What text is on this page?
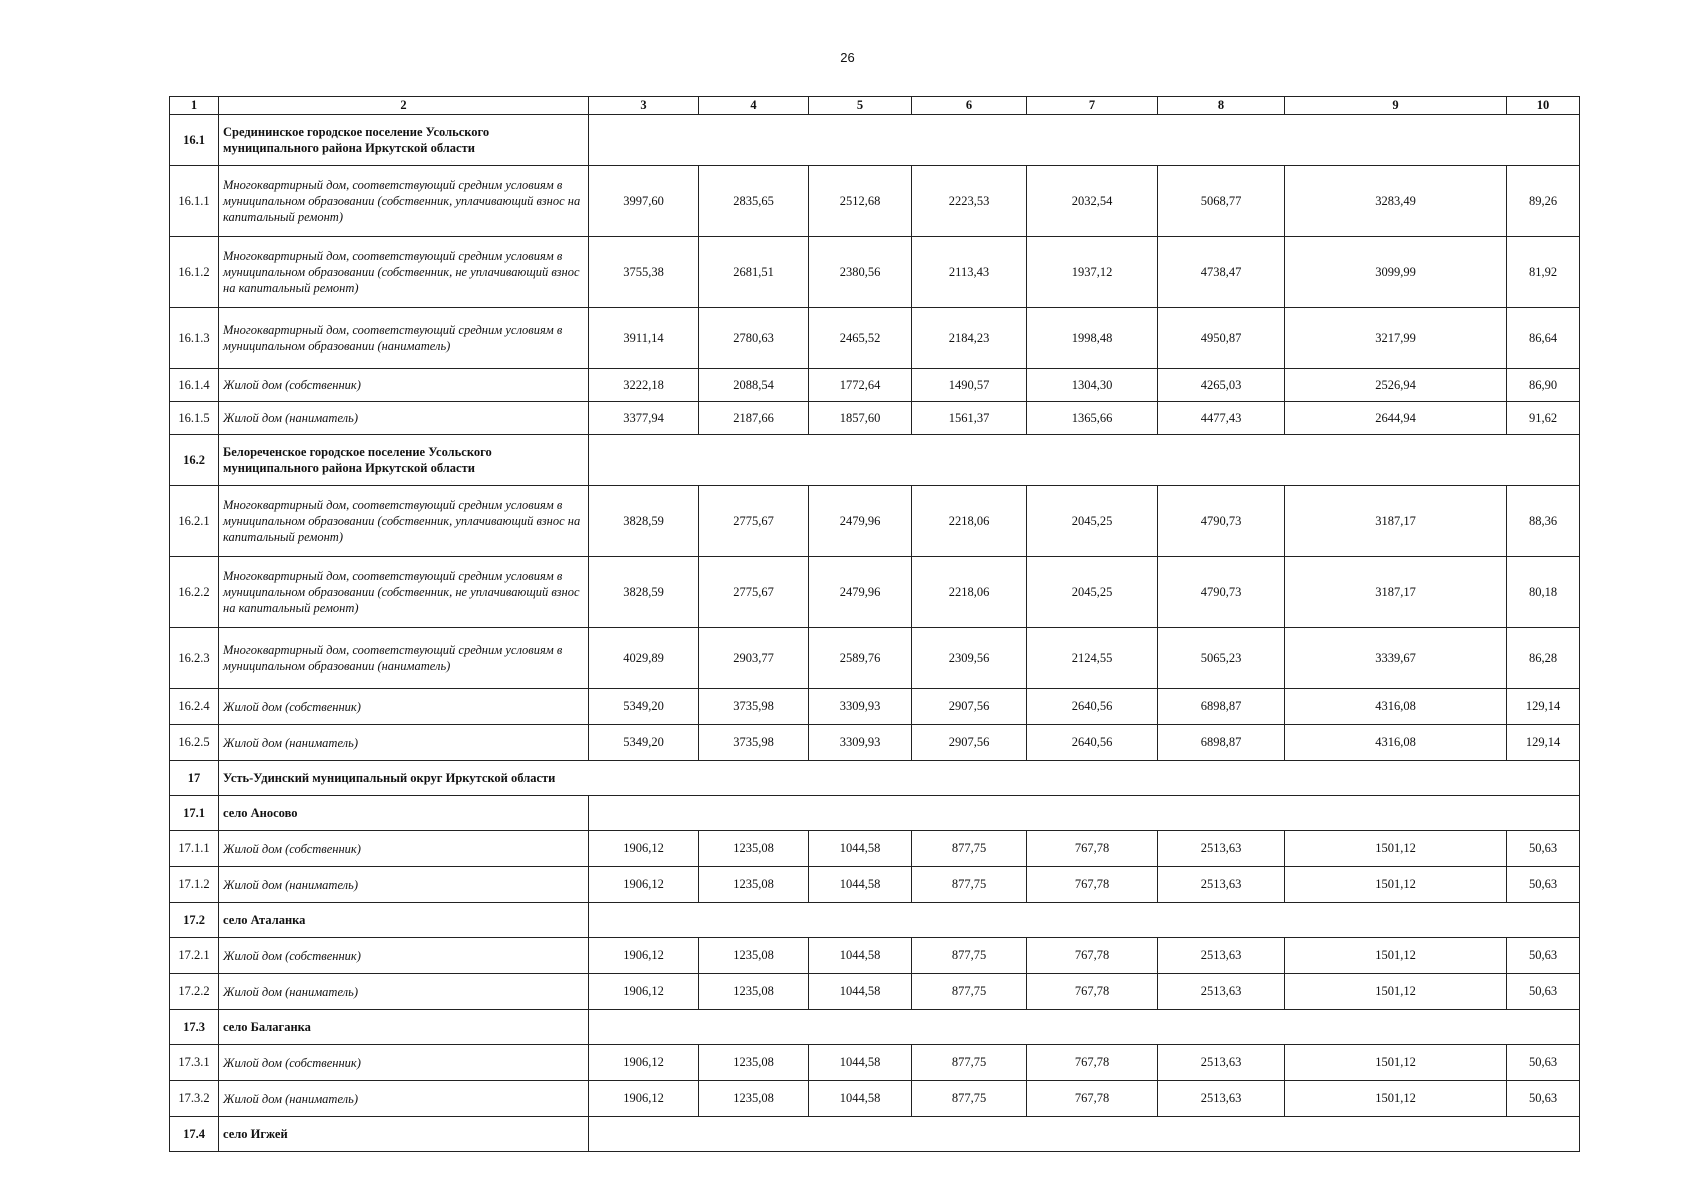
26
1	2	3	4	5	6	7	8	9	10
16.1	Средининское городское поселение Усольского муниципального района Иркутской области								
16.1.1	Многоквартирный дом, соответствующий средним условиям в муниципальном образовании (собственник, уплачивающий взнос на капитальный ремонт)	3997,60	2835,65	2512,68	2223,53	2032,54	5068,77	3283,49	89,26
16.1.2	Многоквартирный дом, соответствующий средним условиям в муниципальном образовании (собственник, не уплачивающий взнос на капитальный ремонт)	3755,38	2681,51	2380,56	2113,43	1937,12	4738,47	3099,99	81,92
16.1.3	Многоквартирный дом, соответствующий средним условиям в муниципальном образовании (наниматель)	3911,14	2780,63	2465,52	2184,23	1998,48	4950,87	3217,99	86,64
16.1.4	Жилой дом (собственник)	3222,18	2088,54	1772,64	1490,57	1304,30	4265,03	2526,94	86,90
16.1.5	Жилой дом (наниматель)	3377,94	2187,66	1857,60	1561,37	1365,66	4477,43	2644,94	91,62
16.2	Белореченское городское поселение Усольского муниципального района Иркутской области								
16.2.1	Многоквартирный дом, соответствующий средним условиям в муниципальном образовании (собственник, уплачивающий взнос на капитальный ремонт)	3828,59	2775,67	2479,96	2218,06	2045,25	4790,73	3187,17	88,36
16.2.2	Многоквартирный дом, соответствующий средним условиям в муниципальном образовании (собственник, не уплачивающий взнос на капитальный ремонт)	3828,59	2775,67	2479,96	2218,06	2045,25	4790,73	3187,17	80,18
16.2.3	Многоквартирный дом, соответствующий средним условиям в муниципальном образовании (наниматель)	4029,89	2903,77	2589,76	2309,56	2124,55	5065,23	3339,67	86,28
16.2.4	Жилой дом (собственник)	5349,20	3735,98	3309,93	2907,56	2640,56	6898,87	4316,08	129,14
16.2.5	Жилой дом (наниматель)	5349,20	3735,98	3309,93	2907,56	2640,56	6898,87	4316,08	129,14
17	Усть-Удинский муниципальный округ Иркутской области								
17.1	село Аносово								
17.1.1	Жилой дом (собственник)	1906,12	1235,08	1044,58	877,75	767,78	2513,63	1501,12	50,63
17.1.2	Жилой дом (наниматель)	1906,12	1235,08	1044,58	877,75	767,78	2513,63	1501,12	50,63
17.2	село Аталанка								
17.2.1	Жилой дом (собственник)	1906,12	1235,08	1044,58	877,75	767,78	2513,63	1501,12	50,63
17.2.2	Жилой дом (наниматель)	1906,12	1235,08	1044,58	877,75	767,78	2513,63	1501,12	50,63
17.3	село Балаганка								
17.3.1	Жилой дом (собственник)	1906,12	1235,08	1044,58	877,75	767,78	2513,63	1501,12	50,63
17.3.2	Жилой дом (наниматель)	1906,12	1235,08	1044,58	877,75	767,78	2513,63	1501,12	50,63
17.4	село Игжей								
